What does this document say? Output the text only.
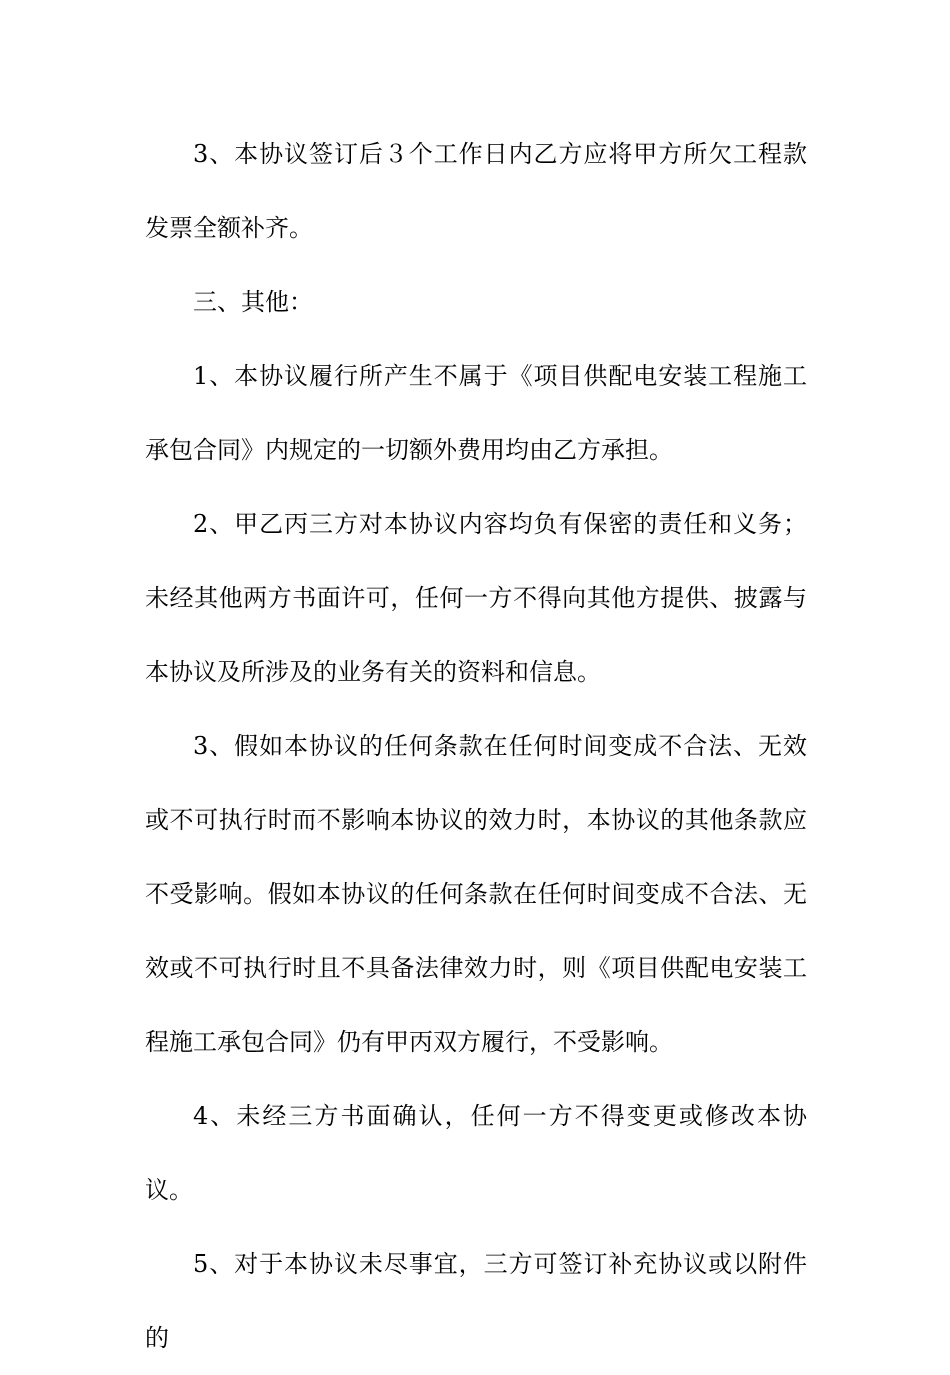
3、本协议签订后３个工作日内乙方应将甲方所欠工程款发票全额补齐。

三、其他：

1、本协议履行所产生不属于《项目供配电安装工程施工承包合同》内规定的一切额外费用均由乙方承担。

2、甲乙丙三方对本协议内容均负有保密的责任和义务；未经其他两方书面许可，任何一方不得向其他方提供、披露与本协议及所涉及的业务有关的资料和信息。

3、假如本协议的任何条款在任何时间变成不合法、无效或不可执行时而不影响本协议的效力时，本协议的其他条款应不受影响。假如本协议的任何条款在任何时间变成不合法、无效或不可执行时且不具备法律效力时，则《项目供配电安装工程施工承包合同》仍有甲丙双方履行，不受影响。

4、未经三方书面确认，任何一方不得变更或修改本协议。

5、对于本协议未尽事宜，三方可签订补充协议或以附件的
